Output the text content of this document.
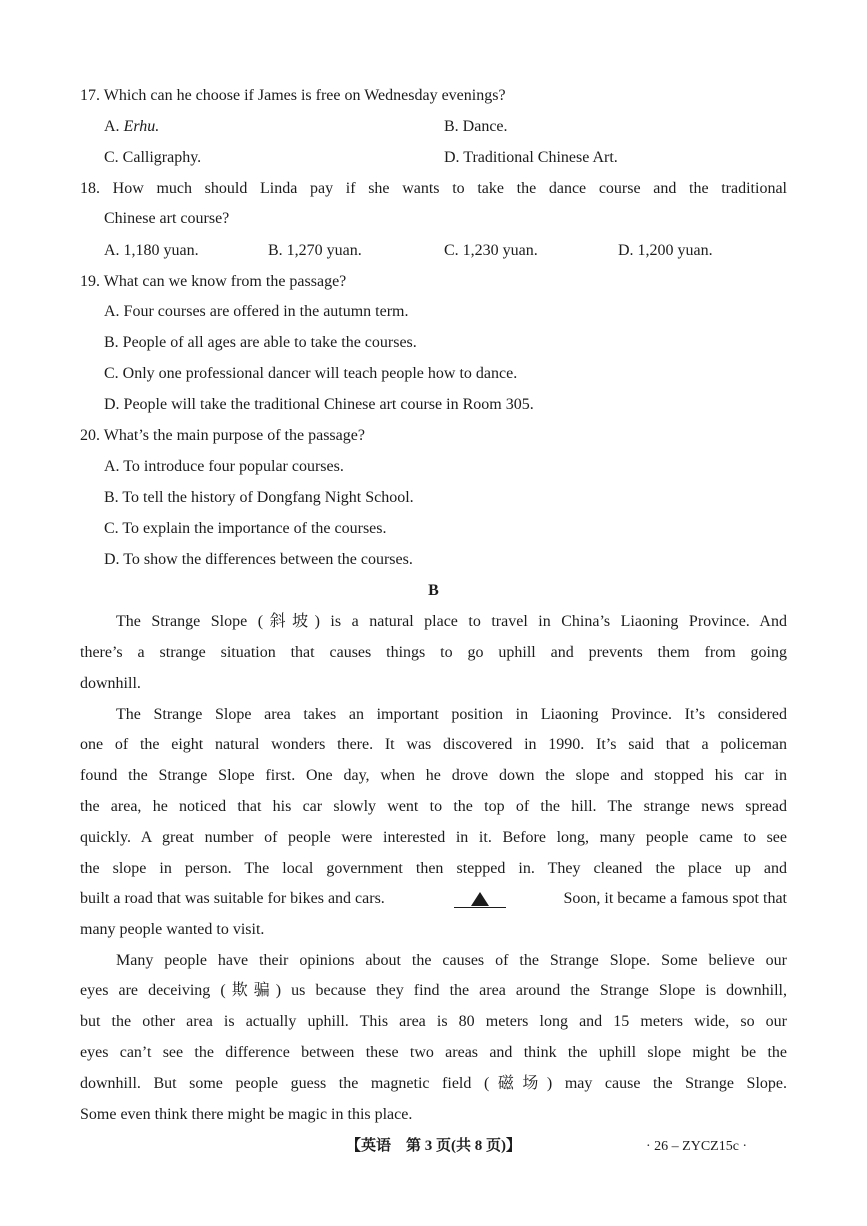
17. Which can he choose if James is free on Wednesday evenings?
A. Erhu.	B. Dance.
C. Calligraphy.	D. Traditional Chinese Art.
18. How much should Linda pay if she wants to take the dance course and the traditional
Chinese art course?
A. 1,180 yuan.	B. 1,270 yuan.	C. 1,230 yuan.	D. 1,200 yuan.
19. What can we know from the passage?
A. Four courses are offered in the autumn term.
B. People of all ages are able to take the courses.
C. Only one professional dancer will teach people how to dance.
D. People will take the traditional Chinese art course in Room 305.
20. What’s the main purpose of the passage?
A. To introduce four popular courses.
B. To tell the history of Dongfang Night School.
C. To explain the importance of the courses.
D. To show the differences between the courses.
B
The Strange Slope (斜坡) is a natural place to travel in China’s Liaoning Province. And
there’s a strange situation that causes things to go uphill and prevents them from going
downhill.
The Strange Slope area takes an important position in Liaoning Province. It’s considered
one of the eight natural wonders there. It was discovered in 1990. It’s said that a policeman
found the Strange Slope first. One day, when he drove down the slope and stopped his car in
the area, he noticed that his car slowly went to the top of the hill. The strange news spread
quickly. A great number of people were interested in it. Before long, many people came to see
the slope in person. The local government then stepped in. They cleaned the place up and
built a road that was suitable for bikes and cars.	Soon, it became a famous spot that
many people wanted to visit.
Many people have their opinions about the causes of the Strange Slope. Some believe our
eyes are deceiving (欺骗) us because they find the area around the Strange Slope is downhill,
but the other area is actually uphill. This area is 80 meters long and 15 meters wide, so our
eyes can’t see the difference between these two areas and think the uphill slope might be the
downhill. But some people guess the magnetic field (磁场) may cause the Strange Slope.
Some even think there might be magic in this place.
【英语　第 3 页(共 8 页)】	· 26 – ZYCZ15c ·
